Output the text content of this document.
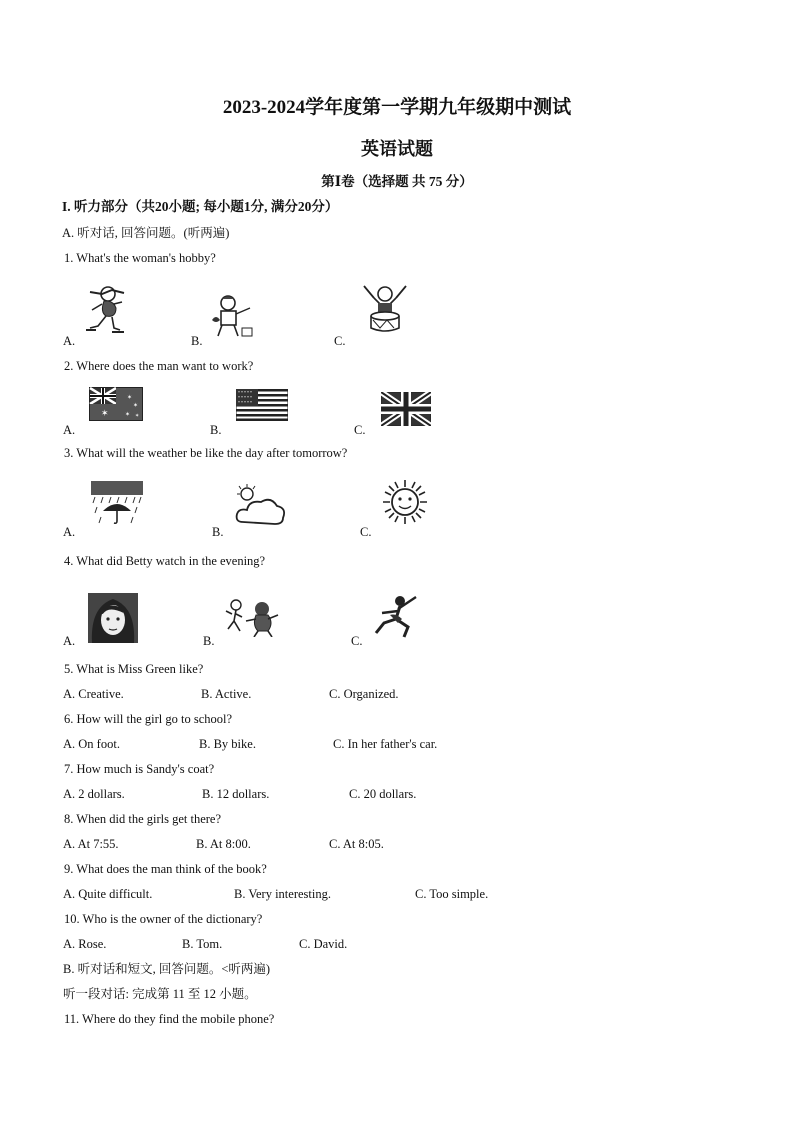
2023-2024学年度第一学期九年级期中测试
英语试题
第Ⅰ卷（选择题 共 75 分）
I. 听力部分（共20小题; 每小题1分, 满分20分）
A. 听对话, 回答问题。(听两遍)
1. What's the woman's hobby?
A.	B.	C.
2. Where does the man want to work?
A.	B.	C.
✶
✶
✶
✶ ✶
* * * * *
* * * * *
* * * * *
3. What will the weather be like the day after tomorrow?
A.	B.	C.
4. What did Betty watch in the evening?
A.	B.	C.
5. What is Miss Green like?
A. Creative.	B. Active.	C. Organized.
6. How will the girl go to school?
A. On foot.	B. By bike.	C. In her father's car.
7. How much is Sandy's coat?
A. 2 dollars.	B. 12 dollars.	C. 20 dollars.
8. When did the girls get there?
A. At 7:55.	B. At 8:00.	C. At 8:05.
9. What does the man think of the book?
A. Quite difficult.	B. Very interesting.	C. Too simple.
10. Who is the owner of the dictionary?
A. Rose.	B. Tom.	C. David.
B. 听对话和短文, 回答问题。<听两遍)
听一段对话: 完成第 11 至 12 小题。
11. Where do they find the mobile phone?
